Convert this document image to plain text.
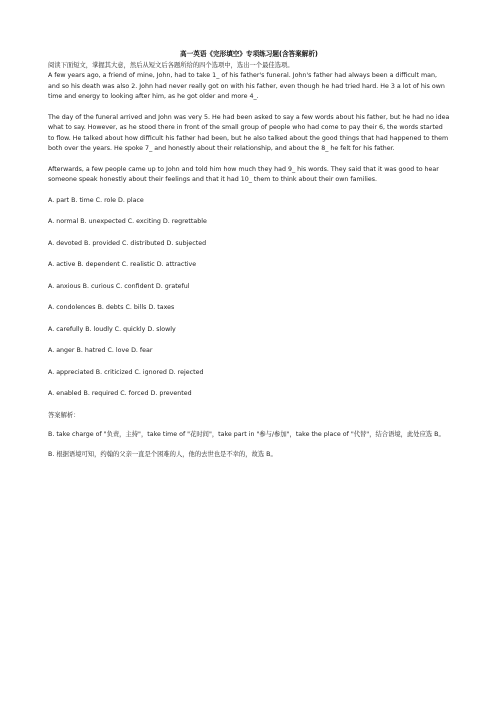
高一英语《完形填空》专项练习题(含答案解析)

阅读下面短文，掌握其大意，然后从短文后各题所给的四个选项中，选出一个最佳选项。

A few years ago, a friend of mine, John, had to take 1_ of his father's funeral. John's father had always been a difficult man, and so his death was also 2. John had never really got on with his father, even though he had tried hard. He 3 a lot of his own time and energy to looking after him, as he got older and more 4_.

The day of the funeral arrived and John was very 5. He had been asked to say a few words about his father, but he had no idea what to say. However, as he stood there in front of the small group of people who had come to pay their 6, the words started to flow. He talked about how difficult his father had been, but he also talked about the good things that had happened to them both over the years. He spoke 7_ and honestly about their relationship, and about the 8_ he felt for his father.

Afterwards, a few people came up to John and told him how much they had 9_ his words. They said that it was good to hear someone speak honestly about their feelings and that it had 10_ them to think about their own families.

A. part B. time C. role D. place

A. normal B. unexpected C. exciting D. regrettable

A. devoted B. provided C. distributed D. subjected

A. active B. dependent C. realistic D. attractive

A. anxious B. curious C. confident D. grateful

A. condolences B. debts C. bills D. taxes

A. carefully B. loudly C. quickly D. slowly

A. anger B. hatred C. love D. fear

A. appreciated B. criticized C. ignored D. rejected

A. enabled B. required C. forced D. prevented

答案解析：

B. take charge of "负责，主持"，take time of "花时间"，take part in "参与/参加"，take the place of "代替"，结合语境，此处应选 B。

B. 根据语境可知，约翰的父亲一直是个困难的人，他的去世也是不幸的，故选 B。
